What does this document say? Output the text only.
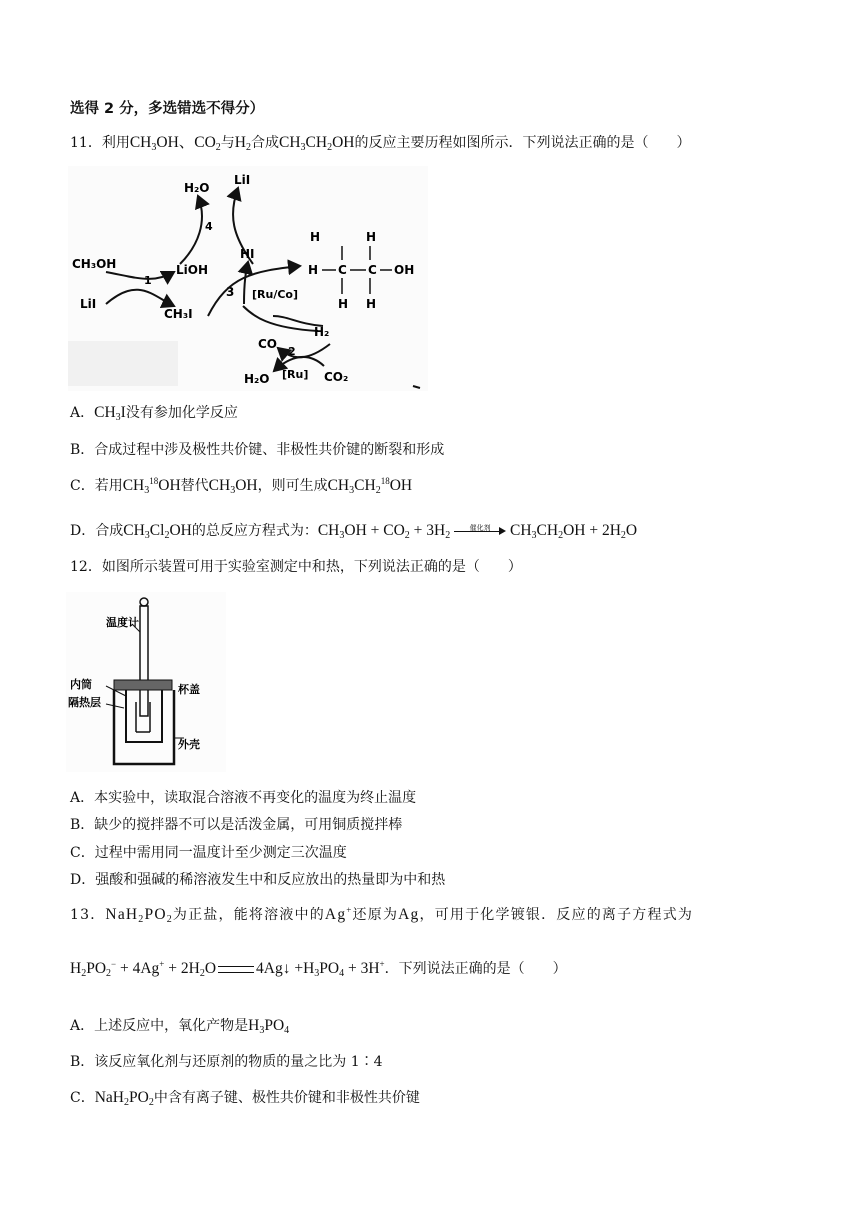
选得 2 分，多选错选不得分）
11．利用$CH_3OH$、$CO_2$与$H_2$合成$CH_3CH_2OH$的反应主要历程如图所示．下列说法正确的是（　　）
H₂O
LiI
4
CH₃OH
1
LiOH
HI
LiI
CH₃I
3 [Ru/Co]
H	H
H C C OH
H H
H₂
CO
2
H₂O [Ru] CO₂
A．$CH_3I$没有参加化学反应
B．合成过程中涉及极性共价键、非极性共价键的断裂和形成
C．若用$CH_3^{18}OH$替代$CH_3OH$，则可生成$CH_3CH_2^{18}OH$
D．合成$CH_3Cl_2OH$的总反应方程式为：$CH_3OH + CO_2 + 3H_2$
催化剂	$CH_3CH_2OH + 2H_2O$
12．如图所示装置可用于实验室测定中和热，下列说法正确的是（　　）
温度计
内筒	杯盖
隔热层
外壳
A．本实验中，读取混合溶液不再变化的温度为终止温度
B．缺少的搅拌器不可以是活泼金属，可用铜质搅拌棒
C．过程中需用同一温度计至少测定三次温度
D．强酸和强碱的稀溶液发生中和反应放出的热量即为中和热
13．$NaH_2PO_2$为正盐，能将溶液中的Ag+还原为Ag，可用于化学镀银．反应的离子方程式为
$H_2PO_2^- + 4Ag^+ + 2H_2O$	4Ag↓ $+H_3PO_4 + 3H^+$．下列说法正确的是（　　）
A．上述反应中，氧化产物是$H_3PO_4$
B．该反应氧化剂与还原剂的物质的量之比为 1∶4
C．$NaH_2PO_2$中含有离子键、极性共价键和非极性共价键
